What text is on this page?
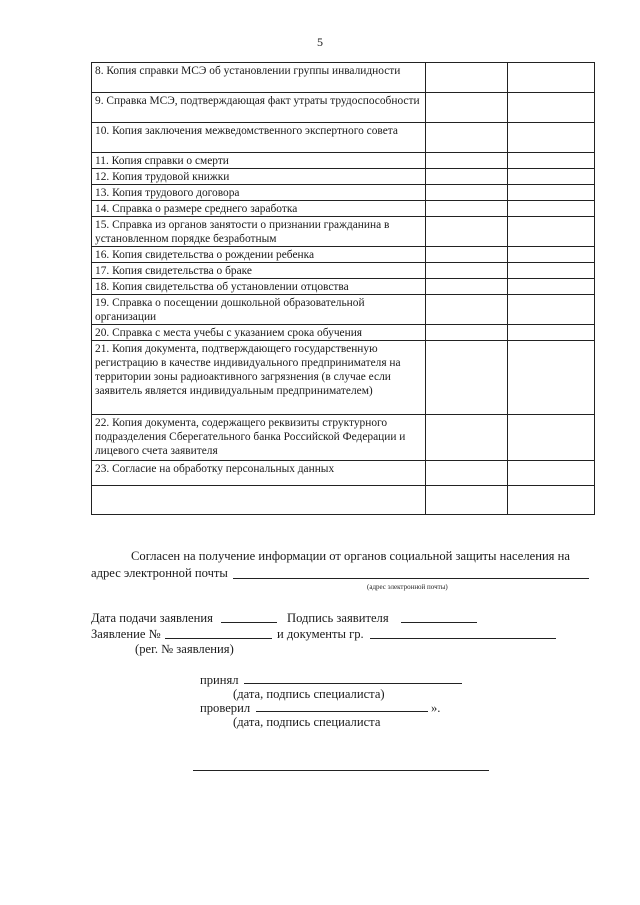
5
8. Копия справки МСЭ об установлении группы инвалидности		
9. Справка МСЭ, подтверждающая факт утраты трудоспособности		
10. Копия заключения межведомственного экспертного совета		
11. Копия справки о смерти		
12. Копия трудовой книжки		
13. Копия трудового договора		
14. Справка о размере среднего заработка		
15. Справка из органов занятости о признании гражданина в установленном порядке безработным		
16. Копия свидетельства о рождении ребенка		
17. Копия свидетельства о браке		
18. Копия свидетельства об установлении отцовства		
19. Справка о посещении дошкольной образовательной организации		
20. Справка с места учебы с указанием срока обучения		
21. Копия документа, подтверждающего государственную регистрацию в качестве индивидуального предпринимателя на территории зоны радиоактивного загрязнения (в случае если заявитель является индивидуальным предпринимателем)		
22. Копия документа, содержащего реквизиты структурного подразделения Сберегательного банка Российской Федерации и лицевого счета заявителя		
23. Согласие на обработку персональных данных		

Согласен на получение информации от органов социальной защиты населения на
адрес электронной почты
(адрес электронной почты)
Дата подачи заявления	Подпись заявителя
Заявление №	и документы гр.
(рег. № заявления)
принял
(дата, подпись специалиста)
проверил	».
(дата, подпись специалиста
